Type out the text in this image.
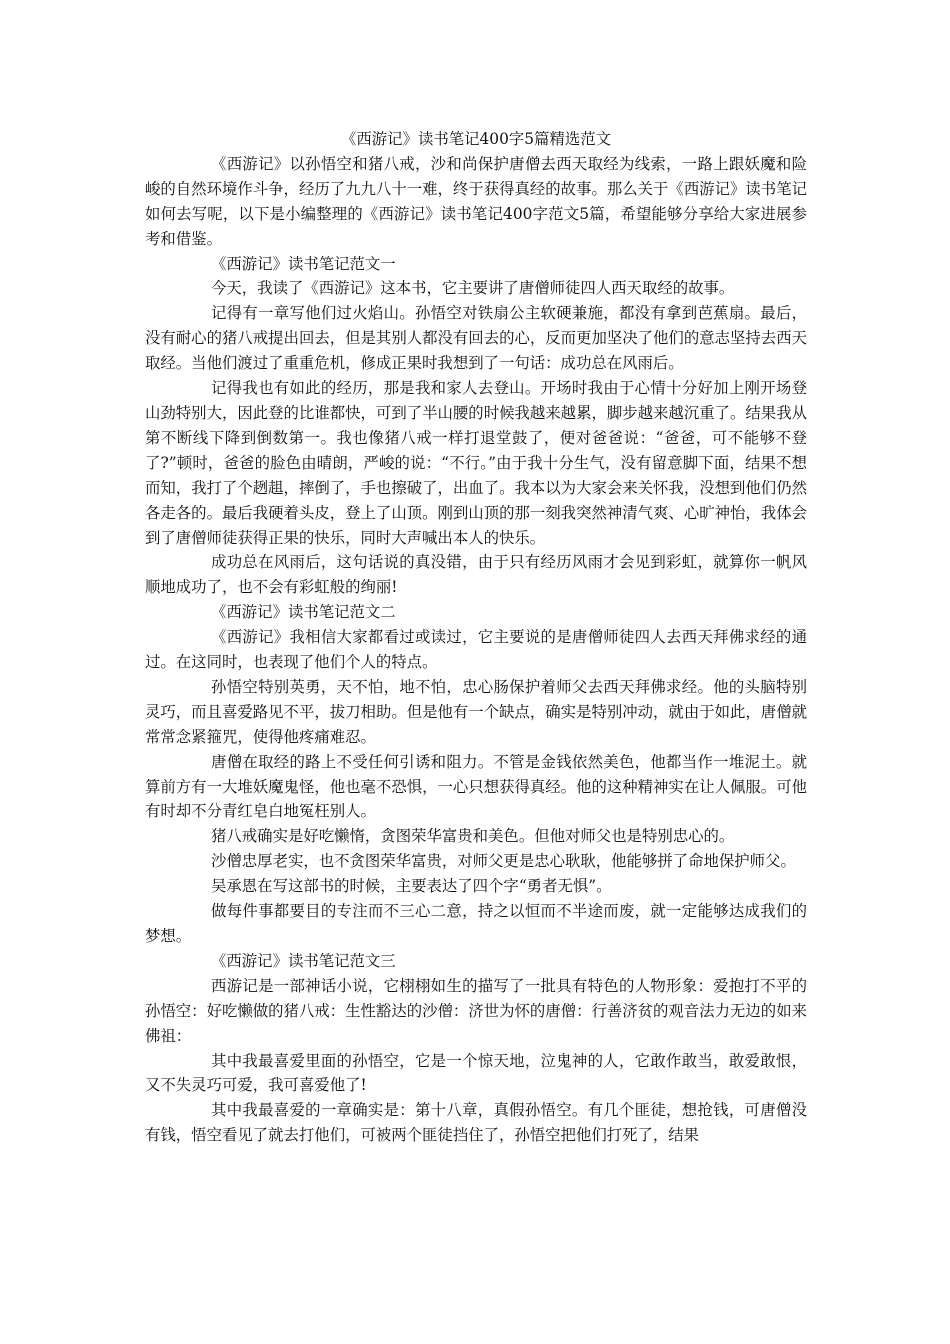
《西游记》读书笔记400字5篇精选范文

《西游记》以孙悟空和猪八戒，沙和尚保护唐僧去西天取经为线索，一路上跟妖魔和险峻的自然环境作斗争，经历了九九八十一难，终于获得真经的故事。那么关于《西游记》读书笔记如何去写呢，以下是小编整理的《西游记》读书笔记400字范文5篇，希望能够分享给大家进展参考和借鉴。

《西游记》读书笔记范文一

今天，我读了《西游记》这本书，它主要讲了唐僧师徒四人西天取经的故事。

记得有一章写他们过火焰山。孙悟空对铁扇公主软硬兼施，都没有拿到芭蕉扇。最后，没有耐心的猪八戒提出回去，但是其别人都没有回去的心，反而更加坚决了他们的意志坚持去西天取经。当他们渡过了重重危机，修成正果时我想到了一句话：成功总在风雨后。

记得我也有如此的经历，那是我和家人去登山。开场时我由于心情十分好加上刚开场登山劲特别大，因此登的比谁都快，可到了半山腰的时候我越来越累，脚步越来越沉重了。结果我从第不断线下降到倒数第一。我也像猪八戒一样打退堂鼓了，便对爸爸说：“爸爸，可不能够不登了?”顿时，爸爸的脸色由晴朗，严峻的说：“不行。”由于我十分生气，没有留意脚下面，结果不想而知，我打了个趔趄，摔倒了，手也擦破了，出血了。我本以为大家会来关怀我，没想到他们仍然各走各的。最后我硬着头皮，登上了山顶。刚到山顶的那一刻我突然神清气爽、心旷神怡，我体会到了唐僧师徒获得正果的快乐，同时大声喊出本人的快乐。

成功总在风雨后，这句话说的真没错，由于只有经历风雨才会见到彩虹，就算你一帆风顺地成功了，也不会有彩虹般的绚丽!

《西游记》读书笔记范文二

《西游记》我相信大家都看过或读过，它主要说的是唐僧师徒四人去西天拜佛求经的通过。在这同时，也表现了他们个人的特点。

孙悟空特别英勇，天不怕，地不怕，忠心肠保护着师父去西天拜佛求经。他的头脑特别灵巧，而且喜爱路见不平，拔刀相助。但是他有一个缺点，确实是特别冲动，就由于如此，唐僧就常常念紧箍咒，使得他疼痛难忍。

唐僧在取经的路上不受任何引诱和阻力。不管是金钱依然美色，他都当作一堆泥土。就算前方有一大堆妖魔鬼怪，他也毫不恐惧，一心只想获得真经。他的这种精神实在让人佩服。可他有时却不分青红皂白地冤枉别人。

猪八戒确实是好吃懒惰，贪图荣华富贵和美色。但他对师父也是特别忠心的。

沙僧忠厚老实，也不贪图荣华富贵，对师父更是忠心耿耿，他能够拼了命地保护师父。

吴承恩在写这部书的时候，主要表达了四个字“勇者无惧”。

做每件事都要目的专注而不三心二意，持之以恒而不半途而废，就一定能够达成我们的梦想。

《西游记》读书笔记范文三

西游记是一部神话小说，它栩栩如生的描写了一批具有特色的人物形象：爱抱打不平的孙悟空：好吃懒做的猪八戒：生性豁达的沙僧：济世为怀的唐僧：行善济贫的观音法力无边的如来佛祖：

其中我最喜爱里面的孙悟空，它是一个惊天地，泣鬼神的人，它敢作敢当，敢爱敢恨，又不失灵巧可爱，我可喜爱他了!

其中我最喜爱的一章确实是：第十八章，真假孙悟空。有几个匪徒，想抢钱，可唐僧没有钱，悟空看见了就去打他们，可被两个匪徒挡住了，孙悟空把他们打死了，结果
